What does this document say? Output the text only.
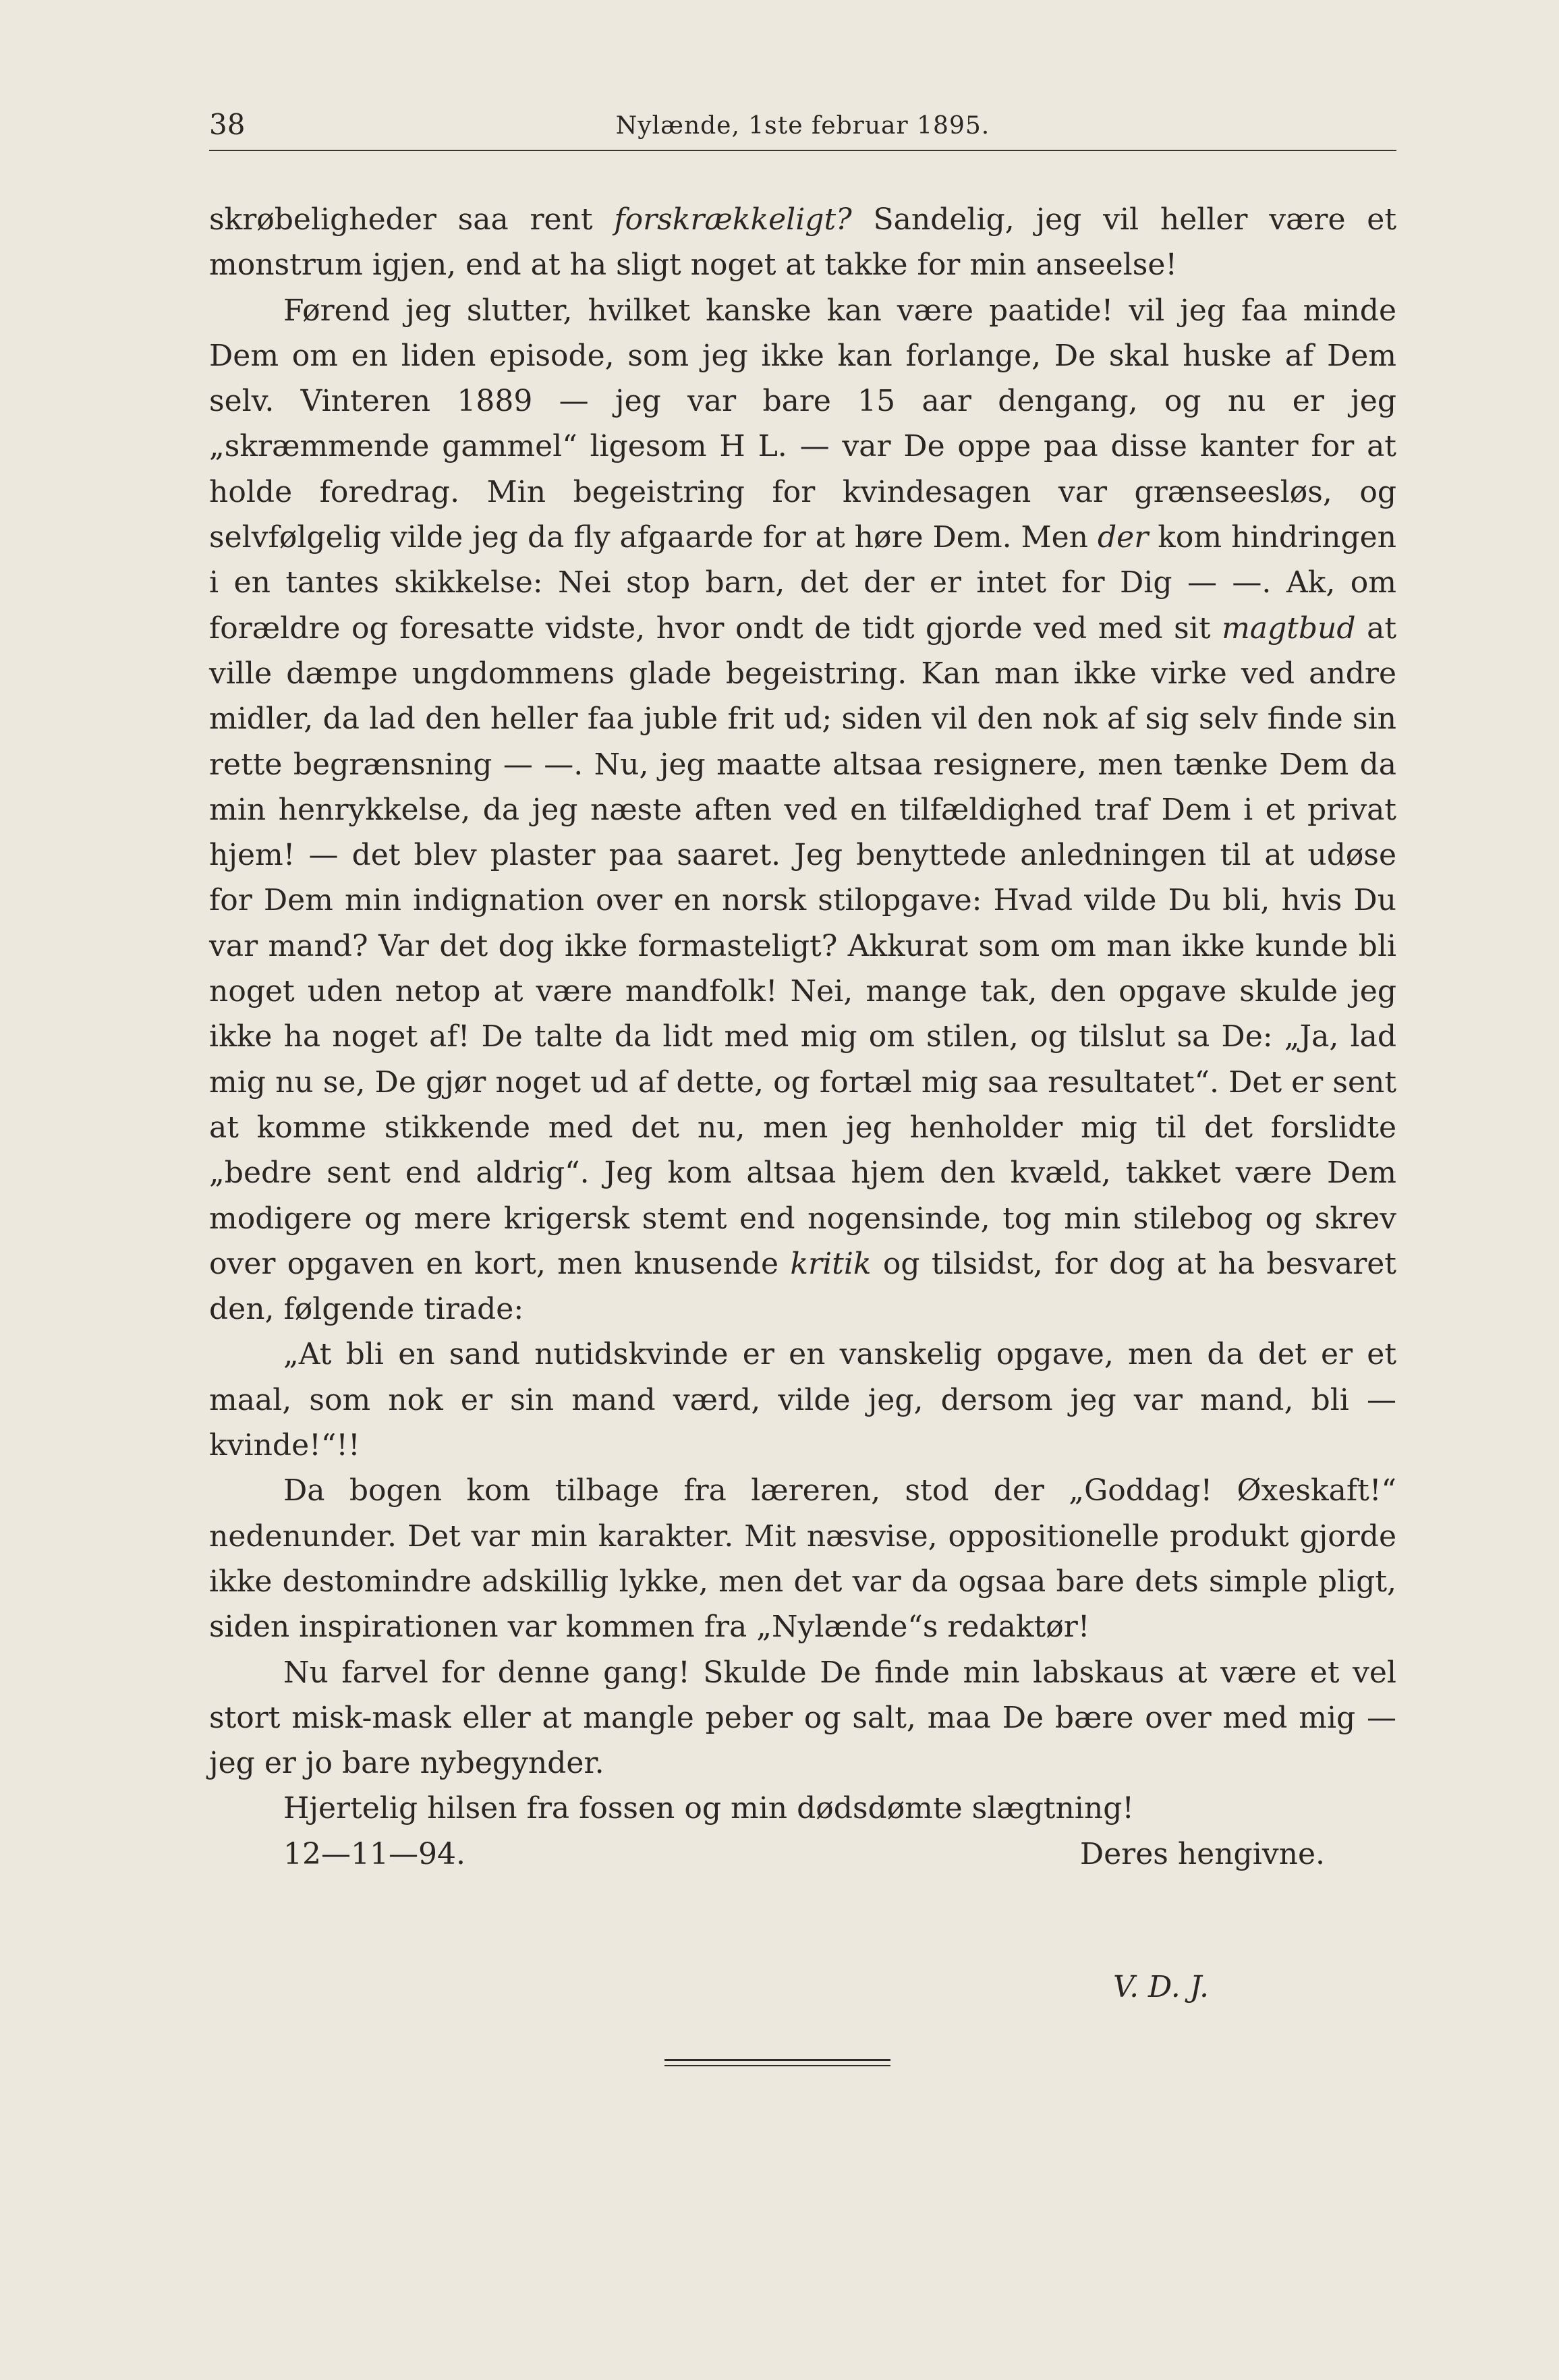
38	Nylænde, 1ste februar 1895.

skrøbeligheder saa rent forskrækkeligt? Sandelig, jeg vil heller være et monstrum igjen, end at ha sligt noget at takke for min anseelse!

Førend jeg slutter, hvilket kanske kan være paatide! vil jeg faa minde Dem om en liden episode, som jeg ikke kan forlange, De skal huske af Dem selv. Vinteren 1889 — jeg var bare 15 aar dengang, og nu er jeg „skræmmende gammel“ ligesom H L. — var De oppe paa disse kanter for at holde foredrag. Min begeistring for kvindesagen var grænseesløs, og selvfølgelig vilde jeg da fly afgaarde for at høre Dem. Men der kom hindringen i en tantes skikkelse: Nei stop barn, det der er intet for Dig — —. Ak, om forældre og foresatte vidste, hvor ondt de tidt gjorde ved med sit magtbud at ville dæmpe ungdommens glade begeistring. Kan man ikke virke ved andre midler, da lad den heller faa juble frit ud; siden vil den nok af sig selv finde sin rette begrænsning — —. Nu, jeg maatte altsaa resignere, men tænke Dem da min henrykkelse, da jeg næste aften ved en tilfældighed traf Dem i et privat hjem! — det blev plaster paa saaret. Jeg benyttede anledningen til at udøse for Dem min indignation over en norsk stilopgave: Hvad vilde Du bli, hvis Du var mand? Var det dog ikke formasteligt? Akkurat som om man ikke kunde bli noget uden netop at være mandfolk! Nei, mange tak, den opgave skulde jeg ikke ha noget af! De talte da lidt med mig om stilen, og tilslut sa De: „Ja, lad mig nu se, De gjør noget ud af dette, og fortæl mig saa resultatet“. Det er sent at komme stikkende med det nu, men jeg henholder mig til det forslidte „bedre sent end aldrig“. Jeg kom altsaa hjem den kvæld, takket være Dem modigere og mere krigersk stemt end nogensinde, tog min stilebog og skrev over opgaven en kort, men knusende kritik og tilsidst, for dog at ha besvaret den, følgende tirade:

„At bli en sand nutidskvinde er en vanskelig opgave, men da det er et maal, som nok er sin mand værd, vilde jeg, dersom jeg var mand, bli — kvinde!“!!

Da bogen kom tilbage fra læreren, stod der „Goddag! Øxeskaft!“ nedenunder. Det var min karakter. Mit næsvise, oppositionelle produkt gjorde ikke destomindre adskillig lykke, men det var da ogsaa bare dets simple pligt, siden inspirationen var kommen fra „Nylænde“s redaktør!

Nu farvel for denne gang! Skulde De finde min labskaus at være et vel stort misk-mask eller at mangle peber og salt, maa De bære over med mig — jeg er jo bare nybegynder.

Hjertelig hilsen fra fossen og min dødsdømte slægtning!

12—11—94.	Deres hengivne.
V. D. J.
